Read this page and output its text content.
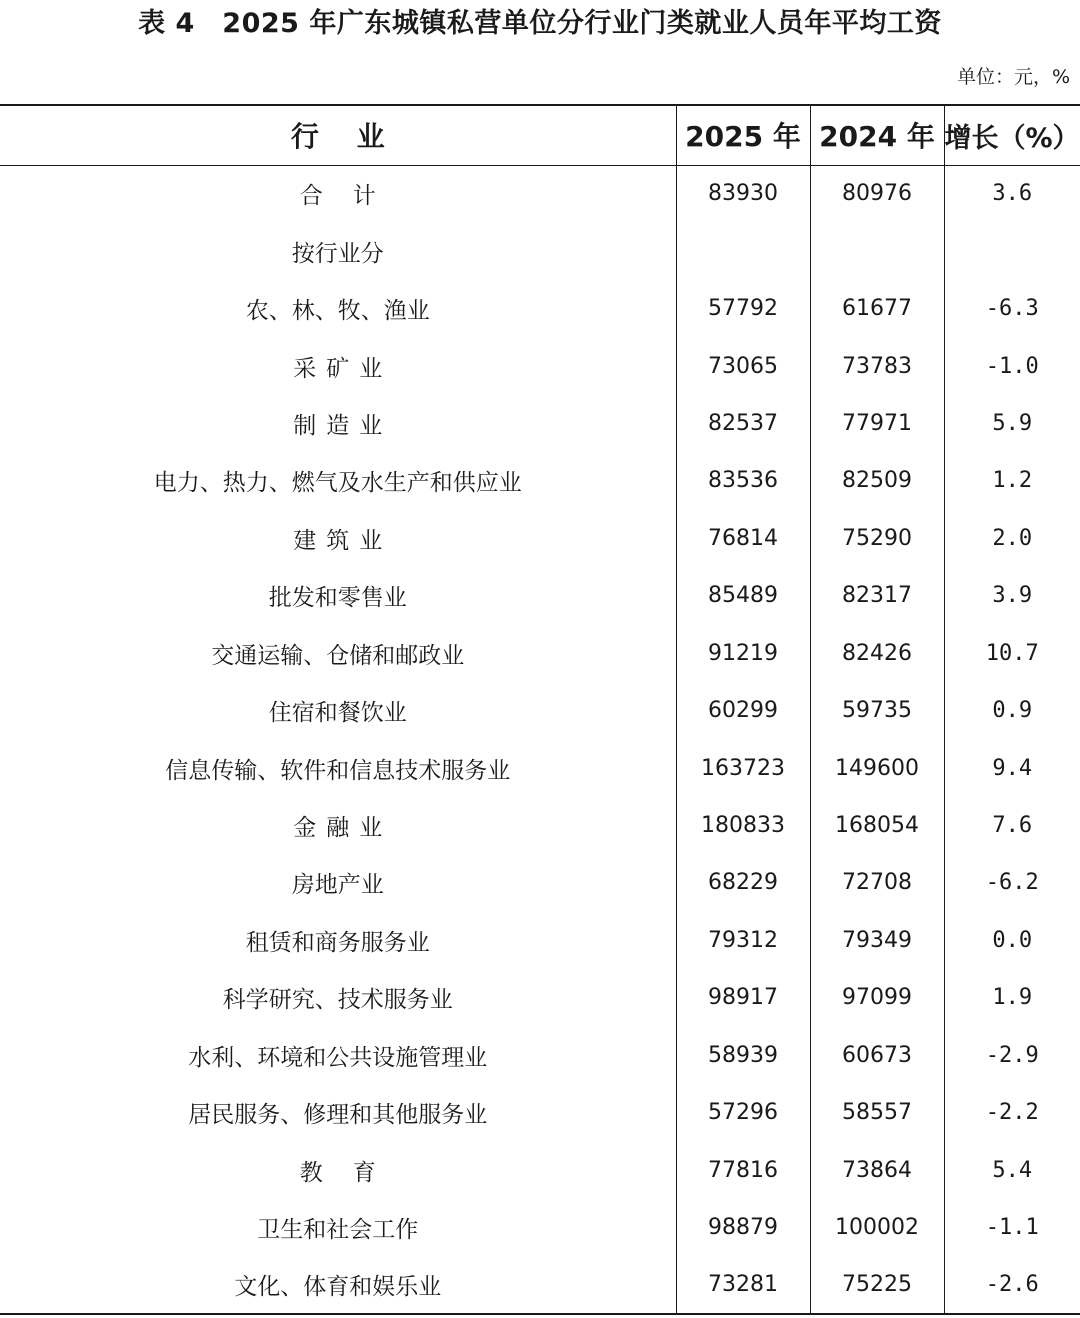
表 4　2025 年广东城镇私营单位分行业门类就业人员年平均工资
单位：元，%
行 业	2025 年	2024 年	增长（%）
合计	83930	80976	3.6
按行业分			
农、林、牧、渔业	57792	61677	-6.3
采矿业	73065	73783	-1.0
制造业	82537	77971	5.9
电力、热力、燃气及水生产和供应业	83536	82509	1.2
建筑业	76814	75290	2.0
批发和零售业	85489	82317	3.9
交通运输、仓储和邮政业	91219	82426	10.7
住宿和餐饮业	60299	59735	0.9
信息传输、软件和信息技术服务业	163723	149600	9.4
金融业	180833	168054	7.6
房地产业	68229	72708	-6.2
租赁和商务服务业	79312	79349	0.0
科学研究、技术服务业	98917	97099	1.9
水利、环境和公共设施管理业	58939	60673	-2.9
居民服务、修理和其他服务业	57296	58557	-2.2
教育	77816	73864	5.4
卫生和社会工作	98879	100002	-1.1
文化、体育和娱乐业	73281	75225	-2.6
